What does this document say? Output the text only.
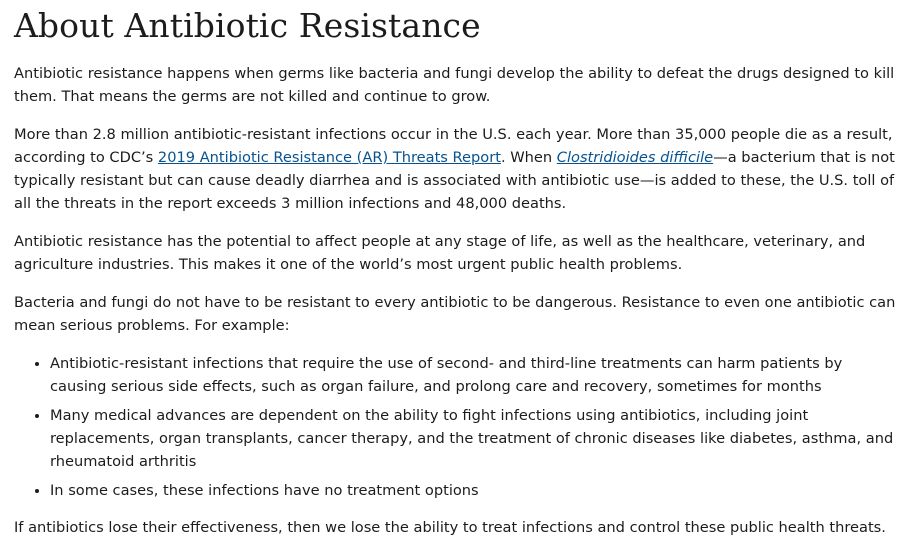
About Antibiotic Resistance

Antibiotic resistance happens when germs like bacteria and fungi develop the ability to defeat the drugs designed to kill them. That means the germs are not killed and continue to grow.

More than 2.8 million antibiotic-resistant infections occur in the U.S. each year. More than 35,000 people die as a result, according to CDC’s 2019 Antibiotic Resistance (AR) Threats Report. When Clostridioides difficile—a bacterium that is not typically resistant but can cause deadly diarrhea and is associated with antibiotic use—is added to these, the U.S. toll of all the threats in the report exceeds 3 million infections and 48,000 deaths.

Antibiotic resistance has the potential to affect people at any stage of life, as well as the healthcare, veterinary, and agriculture industries. This makes it one of the world’s most urgent public health problems.

Bacteria and fungi do not have to be resistant to every antibiotic to be dangerous. Resistance to even one antibiotic can mean serious problems. For example:

• Antibiotic-resistant infections that require the use of second- and third-line treatments can harm patients by causing serious side effects, such as organ failure, and prolong care and recovery, sometimes for months
• Many medical advances are dependent on the ability to fight infections using antibiotics, including joint replacements, organ transplants, cancer therapy, and the treatment of chronic diseases like diabetes, asthma, and rheumatoid arthritis
• In some cases, these infections have no treatment options

If antibiotics lose their effectiveness, then we lose the ability to treat infections and control these public health threats.
